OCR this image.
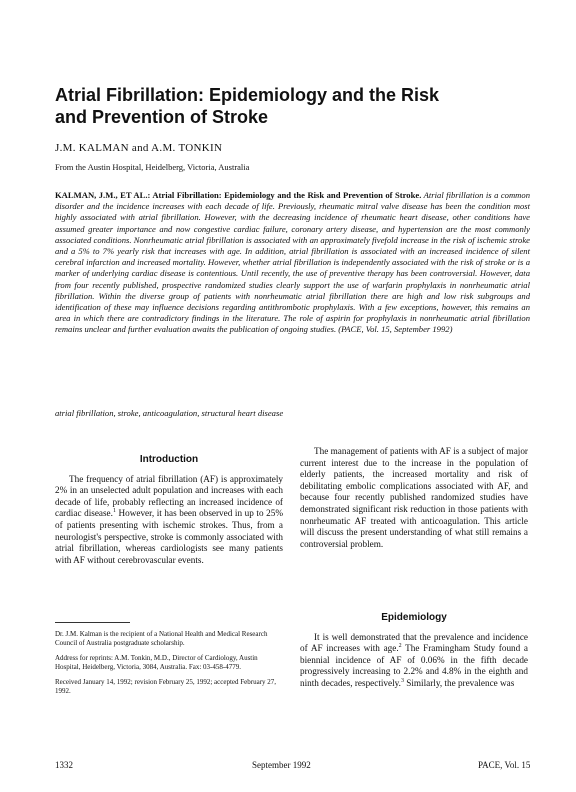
Atrial Fibrillation: Epidemiology and the Risk
and Prevention of Stroke
J.M. KALMAN and A.M. TONKIN
From the Austin Hospital, Heidelberg, Victoria, Australia
KALMAN, J.M., ET AL.: Atrial Fibrillation: Epidemiology and the Risk and Prevention of Stroke. Atrial fibrillation is a common disorder and the incidence increases with each decade of life. Previously, rheumatic mitral valve disease has been the condition most highly associated with atrial fibrillation. However, with the decreasing incidence of rheumatic heart disease, other conditions have assumed greater importance and now congestive cardiac failure, coronary artery disease, and hypertension are the most commonly associated conditions. Nonrheumatic atrial fibrillation is associated with an approximately fivefold increase in the risk of ischemic stroke and a 5% to 7% yearly risk that increases with age. In addition, atrial fibrillation is associated with an increased incidence of silent cerebral infarction and increased mortality. However, whether atrial fibrillation is independently associated with the risk of stroke or is a marker of underlying cardiac disease is contentious. Until recently, the use of preventive therapy has been controversial. However, data from four recently published, prospective randomized studies clearly support the use of warfarin prophylaxis in nonrheumatic atrial fibrillation. Within the diverse group of patients with nonrheumatic atrial fibrillation there are high and low risk subgroups and identification of these may influence decisions regarding antithrombotic prophylaxis. With a few exceptions, however, this remains an area in which there are contradictory findings in the literature. The role of aspirin for prophylaxis in nonrheumatic atrial fibrillation remains unclear and further evaluation awaits the publication of ongoing studies. (PACE, Vol. 15, September 1992)
atrial fibrillation, stroke, anticoagulation, structural heart disease
Introduction

The frequency of atrial fibrillation (AF) is approximately 2% in an unselected adult population and increases with each decade of life, probably reflecting an increased incidence of cardiac disease.$^1$ However, it has been observed in up to 25% of patients presenting with ischemic strokes. Thus, from a neurologist's perspective, stroke is commonly associated with atrial fibrillation, whereas cardiologists see many patients with AF without cerebrovascular events.

The management of patients with AF is a subject of major current interest due to the increase in the population of elderly patients, the increased mortality and risk of debilitating embolic complications associated with AF, and because four recently published randomized studies have demonstrated significant risk reduction in those patients with nonrheumatic AF treated with anticoagulation. This article will discuss the present understanding of what still remains a controversial problem.

Epidemiology

It is well demonstrated that the prevalence and incidence of AF increases with age.$^2$ The Framingham Study found a biennial incidence of AF of 0.06% in the fifth decade progressively increasing to 2.2% and 4.8% in the eighth and ninth decades, respectively.$^3$ Similarly, the prevalence was

Dr. J.M. Kalman is the recipient of a National Health and Medical Research Council of Australia postgraduate scholarship.

Address for reprints: A.M. Tonkin, M.D., Director of Cardiology, Austin Hospital, Heidelberg, Victoria, 3084, Australia. Fax: 03-458-4779.

Received January 14, 1992; revision February 25, 1992; accepted February 27, 1992.

1332	September 1992	PACE, Vol. 15
